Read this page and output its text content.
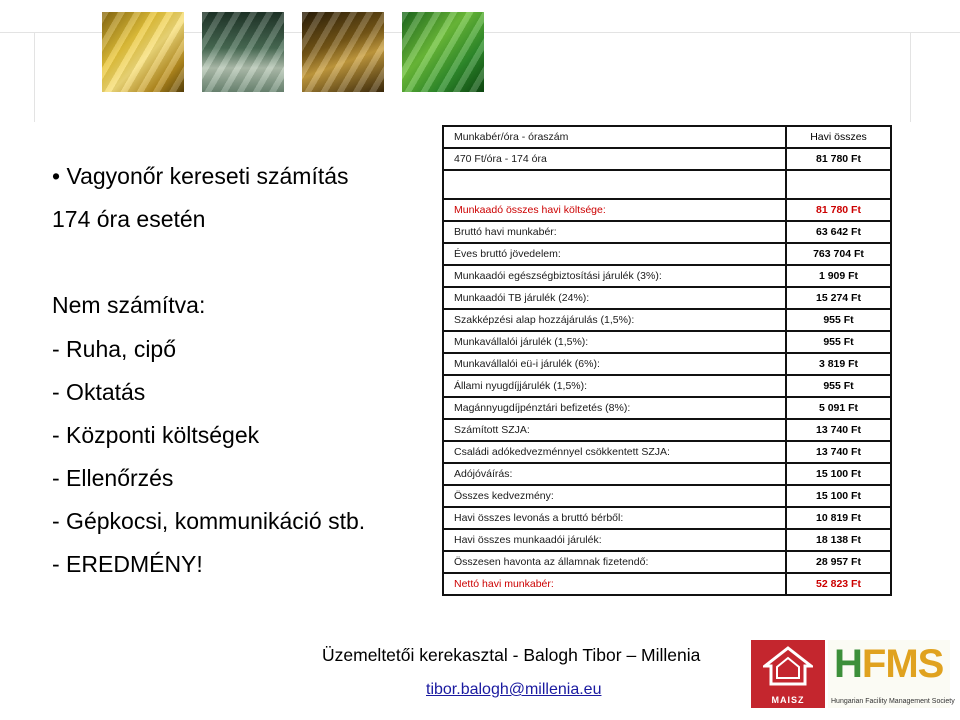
• Vagyonőr kereseti számítás
174 óra esetén
Nem számítva:
- Ruha, cipő
- Oktatás
- Központi költségek
- Ellenőrzés
- Gépkocsi, kommunikáció stb.
- EREDMÉNY!
Munkabér/óra - óraszám	Havi összes
470 Ft/óra - 174 óra	81 780 Ft

Munkaadó összes havi költsége:	81 780 Ft
Bruttó havi munkabér:	63 642 Ft
Éves bruttó jövedelem:	763 704 Ft
Munkaadói egészségbiztosítási járulék (3%):	1 909 Ft
Munkaadói TB járulék (24%):	15 274 Ft
Szakképzési alap hozzájárulás (1,5%):	955 Ft
Munkavállalói járulék (1,5%):	955 Ft
Munkavállalói eü-i járulék (6%):	3 819 Ft
Állami nyugdíjjárulék (1,5%):	955 Ft
Magánnyugdíjpénztári befizetés (8%):	5 091 Ft
Számított SZJA:	13 740 Ft
Családi adókedvezménnyel csökkentett SZJA:	13 740 Ft
Adójóváírás:	15 100 Ft
Összes kedvezmény:	15 100 Ft
Havi összes levonás a bruttó bérből:	10 819 Ft
Havi összes munkaadói járulék:	18 138 Ft
Összesen havonta az államnak fizetendő:	28 957 Ft
Nettó havi munkabér:	52 823 Ft
Üzemeltetői kerekasztal - Balogh Tibor – Millenia
tibor.balogh@millenia.eu
MAISZ
HFMS
Hungarian Facility Management Society
